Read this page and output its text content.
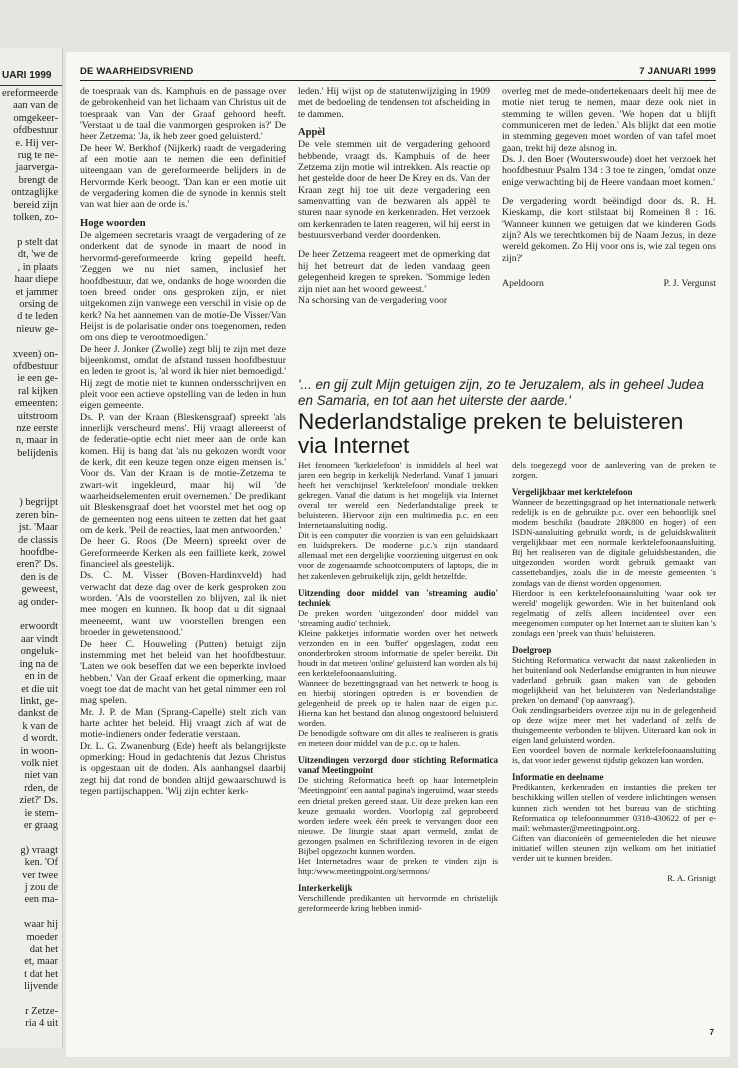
UARI 1999
ereformeerde
aan van de
omgekeer-
ofdbestuur
e. Hij ver-
rug te ne-
jaarverga-
brengt de
ontzaglijke
bereid zijn
tolken, zo-

p stelt dat
dt, 'we de
, in plaats
haar diepe
et jammer
orsing de
d te leden
nieuw ge-

xveen) on-
ofdbestuur
ie een ge-
ral kijken
emeenten:
uitstroom
nze eerste
n, maar in
belijdenis

) begrijpt
zeren bin-
jst. 'Maar
de classis
hoofdbe-
eren?' Ds.
den is de
geweest,
ag onder-

erwoordt
aar vindt
ongeluk-
ing na de
en in de
et die uit
linkt, ge-
dankst de
k van de
d wordt.
in woon-
volk niet
niet van
rden, de
ziet?' Ds.
ie stem-
er graag

g) vraagt
ken. 'Of
ver twee
j zou de
een ma-

waar hij
moeder
dat het
et, maar
t dat het
lijvende

r Zetze-
ria 4 uit
DE WAARHEIDSVRIEND	7 JANUARI 1999

de toespraak van ds. Kamphuis en de passage over de gebrokenheid van het lichaam van Christus uit de toespraak van Van der Graaf gehoord heeft. 'Verstaat u de taal die vanmorgen gesproken is?' De heer Zetzema: 'Ja, ik heb zeer goed geluisterd.'

De heer W. Berkhof (Nijkerk) raadt de vergadering af een motie aan te nemen die een definitief uiteengaan van de gereformeerde belijders in de Hervormde Kerk beoogt. 'Dan kan er een motie uit de vergadering komen die de synode in kennis stelt van wat hier aan de orde is.'

Hoge woorden

De algemeen secretaris vraagt de vergadering of ze onderkent dat de synode in maart de nood in hervormd-gereformeerde kring gepeild heeft. 'Zeggen we nu niet samen, inclusief het hoofdbestuur, dat we, ondanks de hoge woorden die toen breed onder ons gesproken zijn, er niet uitgekomen zijn vanwege een verschil in visie op de kerk? Na het aannemen van de motie-De Visser/Van Heijst is de polarisatie onder ons toegenomen, reden om ons diep te verootmoedigen.'

De heer J. Jonker (Zwolle) zegt blij te zijn met deze bijeenkomst, omdat de afstand tussen hoofdbestuur en leden te groot is, 'al word ik hier niet bemoedigd.' Hij zegt de motie niet te kunnen ondersschrijven en pleit voor een actieve opstelling van de leden in hun eigen gemeente.

Ds. P. van der Kraan (Bleskensgraaf) spreekt 'als innerlijk verscheurd mens'. Hij vraagt allereerst of de federatie-optie echt niet meer aan de orde kan komen. Hij is bang dat 'als nu gekozen wordt voor de kerk, dit een keuze tegen onze eigen mensen is.' Voor ds. Van der Kraan is de motie-Zetzema te zwart-wit ingekleurd, maar hij wil 'de waarheidselementen eruit overnemen.' De predikant uit Bleskensgraaf doet het voorstel met het oog op de gemeenten nog eens uiteen te zetten dat het gaat om de kerk. 'Peil de reacties, laat men antwoorden.'

De heer G. Roos (De Meern) spreekt over de Gereformeerde Kerken als een failliete kerk, zowel financieel als geestelijk.

Ds. C. M. Visser (Boven-Hardinxveld) had verwacht dat deze dag over de kerk gesproken zou worden. 'Als de voorstellen zo blijven, zal ik niet mee mogen en kunnen. Ik hoop dat u dit signaal meeneemt, want uw voorstellen brengen een broeder in gewetensnood.'

De heer C. Houweling (Putten) betuigt zijn instemming met het beleid van het hoofdbestuur. 'Laten we ook beseffen dat we een beperkte invloed hebben.' Van der Graaf erkent die opmerking, maar voegt toe dat de macht van het getal nimmer een rol mag spelen.

Mr. J. P. de Man (Sprang-Capelle) stelt zich van harte achter het beleid. Hij vraagt zich af wat de motie-indieners onder federatie verstaan.

Dr. L. G. Zwanenburg (Ede) heeft als belangrijkste opmerking: Houd in gedachtenis dat Jezus Christus is opgestaan uit de doden. Als aanhangsel daarbij zegt hij dat rond de bonden altijd gewaarschuwd is tegen partijschappen. 'Wij zijn echter kerk-

leden.' Hij wijst op de statutenwijziging in 1909 met de bedoeling de tendensen tot afscheiding in te dammen.

Appèl

De vele stemmen uit de vergadering gehoord hebbende, vraagt ds. Kamphuis of de heer Zetzema zijn motie wil intrekken. Als reactie op het gestelde door de heer De Krey en ds. Van der Kraan zegt hij toe uit deze vergadering een samenvatting van de bezwaren als appèl te sturen naar synode en kerkenraden. Het verzoek om kerkenraden te laten reageren, wil hij eerst in bestuursverband verder doordenken.

De heer Zetzema reageert met de opmerking dat hij het betreurt dat de leden vandaag geen gelegenheid kregen te spreken. 'Sommige leden zijn niet aan het woord geweest.'

Na schorsing van de vergadering voor

overleg met de mede-ondertekenaars deelt hij mee de motie niet terug te nemen, maar deze ook niet in stemming te willen geven. 'We hopen dat u blijft communiceren met de leden.' Als blijkt dat een motie in stemming gegeven moet worden of van tafel moet gaan, trekt hij deze alsnog in.

Ds. J. den Boer (Wouterswoude) doet het verzoek het hoofdbestuur Psalm 134 : 3 toe te zingen, 'omdat onze enige verwachting bij de Heere vandaan moet komen.'

De vergadering wordt beëindigd door ds. R. H. Kieskamp, die kort stilstaat bij Romeinen 8 : 16. 'Wanneer kunnen we getuigen dat we kinderen Gods zijn? Als we terechtkomen bij de Naam Jezus, in deze wereld gekomen. Zo Hij voor ons is, wie zal tegen ons zijn?'

Apeldoorn	P. J. Vergunst
'... en gij zult Mijn getuigen zijn, zo te Jeruzalem, als in geheel Judea en Samaria, en tot aan het uiterste der aarde.'
Nederlandstalige preken te beluisteren via Internet

Het fenomeen 'kerktelefoon' is inmiddels al heel wat jaren een begrip in kerkelijk Nederland. Vanaf 1 januari heeft het verschijnsel 'kerktelefoon' mondiale trekken gekregen. Vanaf die datum is het mogelijk via Internet overal ter wereld een Nederlandstalige preek te beluisteren. Hiervoor zijn een multimedia p.c. en een Internetaansluiting nodig.

Dit is een computer die voorzien is van een geluidskaart en luidsprekers. De moderne p.c.'s zijn standaard allemaal met een dergelijke voorziening uitgerust en ook voor de zogenaamde schootcomputers of laptops, die in het zakenleven gebruikelijk zijn, geldt hetzelfde.

Uitzending door middel van 'streaming audio' techniek

De preken worden 'uitgezonden' door middel van 'streaming audio' techniek.

Kleine pakketjes informatie worden over het netwerk verzonden en in een 'buffer' opgeslagen, zodat een ononderbroken stroom informatie de speler bereikt. Dit houdt in dat meteen 'online' geluisterd kan worden als bij een kerktelefoonaansluiting.

Wanneer de bezettingsgraad van het netwerk te hoog is en hierbij storingen optreden is er bovendien de gelegenheid de preek op te halen naar de eigen p.c. Hierna kan het bestand dan alsnog ongestoord beluisterd worden.

De benodigde software om dit alles te realiseren is gratis en meteen door middel van de p.c. op te halen.

Uitzendingen verzorgd door stichting Reformatica vanaf Meetingpoint

De stichting Reformatica heeft op haar Internetplein 'Meetingpoint' een aantal pagina's ingeruimd, waar steeds een drietal preken gereed staat. Uit deze preken kan een keuze gemaakt worden. Voorlopig zal geprobeerd worden iedere week één preek te vervangen door een nieuwe. De liturgie staat apart vermeld, zodat de gezongen psalmen en Schriftlezing tevoren in de eigen Bijbel opgezocht kunnen worden.

Het Internetadres waar de preken te vinden zijn is http:/www.meetingpoint.org/sermons/

Interkerkelijk

Verschillende predikanten uit hervormde en christelijk gereformeerde kring hebben inmid-

dels toegezegd voor de aanlevering van de preken te zorgen.

Vergelijkbaar met kerktelefoon

Wanneer de bezettingsgraad op het internationale netwerk redelijk is en de gebruikte p.c. over een behoorlijk snel modem beschikt (baudrate 28K800 en hoger) of een ISDN-aansluiting gebruikt wordt, is de geluidskwaliteit vergelijkbaar met een normale kerktelefoonaansluiting. Bij het realiseren van de digitale geluidsbestanden, die uitgezonden worden wordt gebruik gemaakt van cassettebandjes, zoals die in de meeste gemeenten 's zondags van de dienst worden opgenomen.

Hierdoor is een kerktelefoonaansluiting 'waar ook ter wereld' mogelijk geworden. Wie in het buitenland ook regelmatig of zelfs alleen incidenteel over een meegenomen computer op het Internet aan te sluiten kan 's zondags een 'preek van thuis' beluisteren.

Doelgroep

Stichting Reformatica verwacht dat naast zakenlieden in het buitenland ook Nederlandse emigranten in hun nieuwe vaderland gebruik gaan maken van de geboden mogelijkheid van het beluisteren van Nederlandstalige preken 'on demand' ('op aanvraag').

Ook zendingsarbeiders overzee zijn nu in de gelegenheid op deze wijze meer met het vaderland of zelfs de thuisgemeente verbonden te blijven. Uiteraard kan ook in eigen land geluisterd worden.

Een voordeel boven de normale kerktelefoonaansluiting is, dat voor ieder gewenst tijdstip gekozen kan worden.

Informatie en deelname

Predikanten, kerkenraden en instanties die preken ter beschikking willen stellen of verdere inlichtingen wensen kunnen zich wenden tot het bureau van de stichting Reformatica op telefoonnummer 0318-430622 of per e-mail: webmaster@meetingpoint.org.

Giften van diaconieën of gemeenteleden die het nieuwe initiatief willen steunen zijn welkom om het initiatief verder uit te kunnen breiden.

R. A. Grisnigt
7
